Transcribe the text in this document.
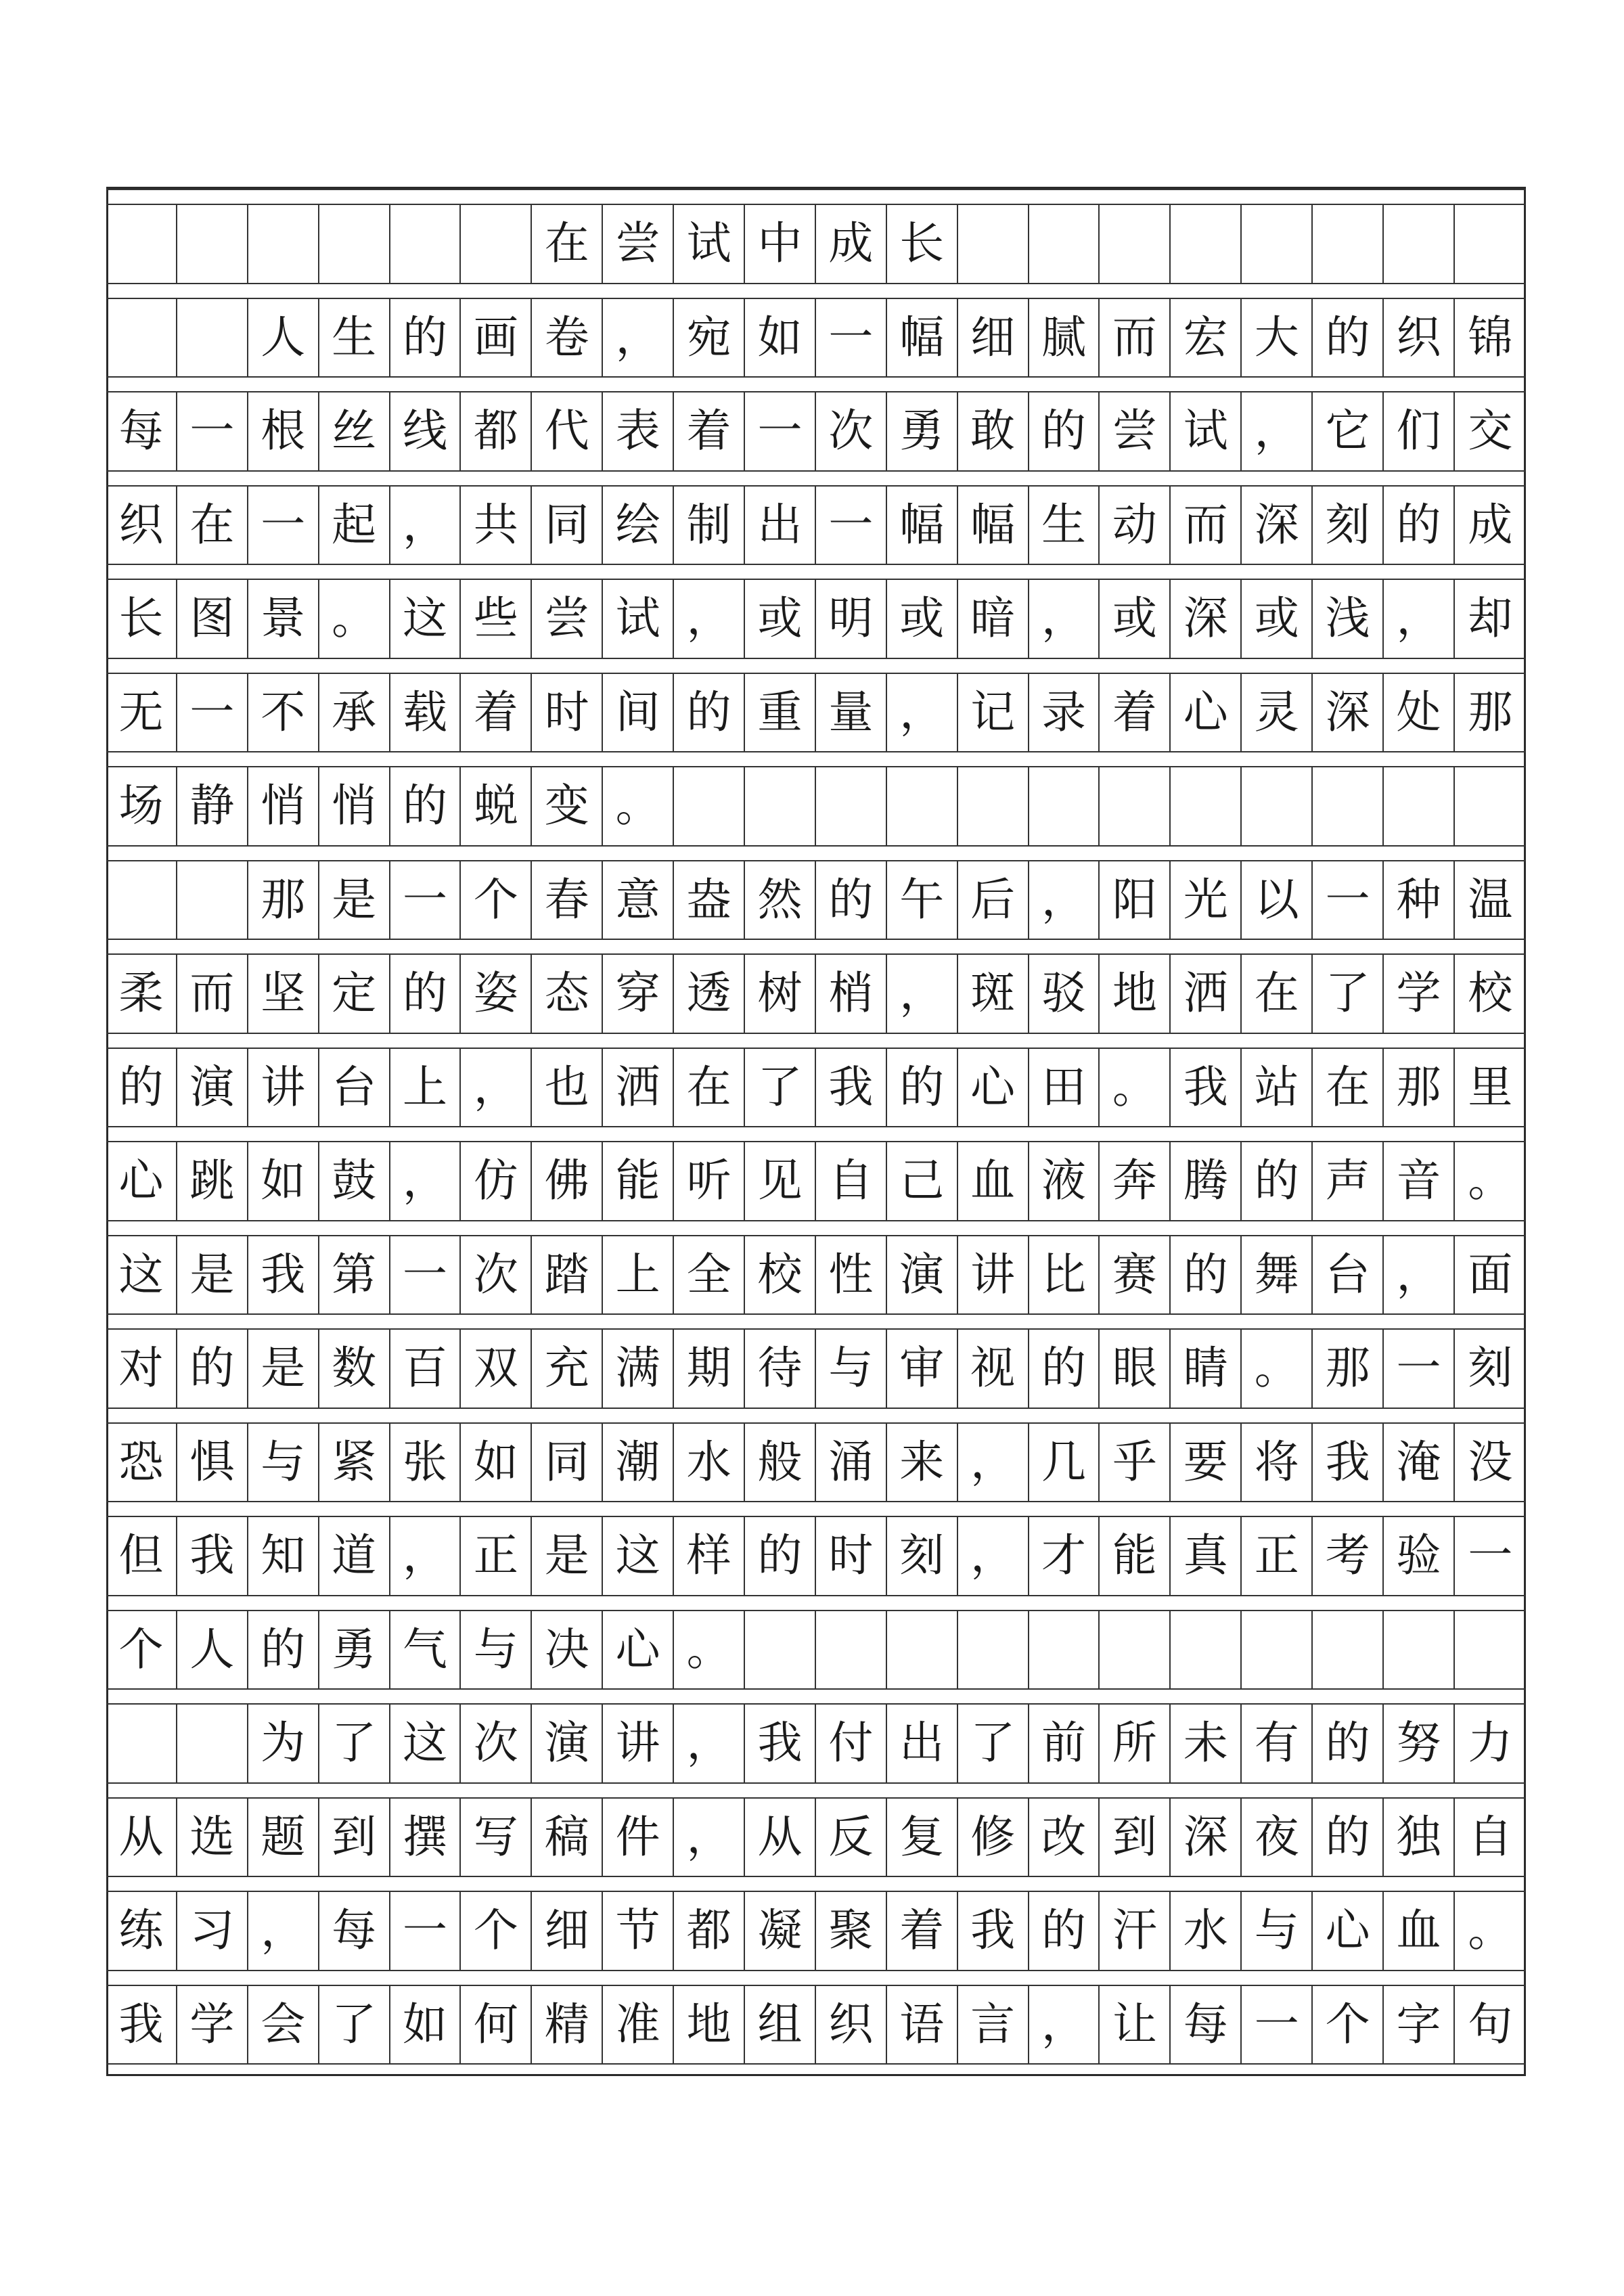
在 尝 试 中 成 长
人 生 的 画 卷 ， 宛 如 一 幅 细 腻 而 宏 大 的 织 锦
每 一 根 丝 线 都 代 表 着 一 次 勇 敢 的 尝 试 ， 它 们 交
织 在 一 起 ， 共 同 绘 制 出 一 幅 幅 生 动 而 深 刻 的 成
长 图 景 。 这 些 尝 试 ， 或 明 或 暗 ， 或 深 或 浅 ， 却
无 一 不 承 载 着 时 间 的 重 量 ， 记 录 着 心 灵 深 处 那
场 静 悄 悄 的 蜕 变 。
那 是 一 个 春 意 盎 然 的 午 后 ， 阳 光 以 一 种 温
柔 而 坚 定 的 姿 态 穿 透 树 梢 ， 斑 驳 地 洒 在 了 学 校
的 演 讲 台 上 ， 也 洒 在 了 我 的 心 田 。 我 站 在 那 里
心 跳 如 鼓 ， 仿 佛 能 听 见 自 己 血 液 奔 腾 的 声 音 。
这 是 我 第 一 次 踏 上 全 校 性 演 讲 比 赛 的 舞 台 ， 面
对 的 是 数 百 双 充 满 期 待 与 审 视 的 眼 睛 。 那 一 刻
恐 惧 与 紧 张 如 同 潮 水 般 涌 来 ， 几 乎 要 将 我 淹 没
但 我 知 道 ， 正 是 这 样 的 时 刻 ， 才 能 真 正 考 验 一
个 人 的 勇 气 与 决 心 。
为 了 这 次 演 讲 ， 我 付 出 了 前 所 未 有 的 努 力
从 选 题 到 撰 写 稿 件 ， 从 反 复 修 改 到 深 夜 的 独 自
练 习 ， 每 一 个 细 节 都 凝 聚 着 我 的 汗 水 与 心 血 。
我 学 会 了 如 何 精 准 地 组 织 语 言 ， 让 每 一 个 字 句
